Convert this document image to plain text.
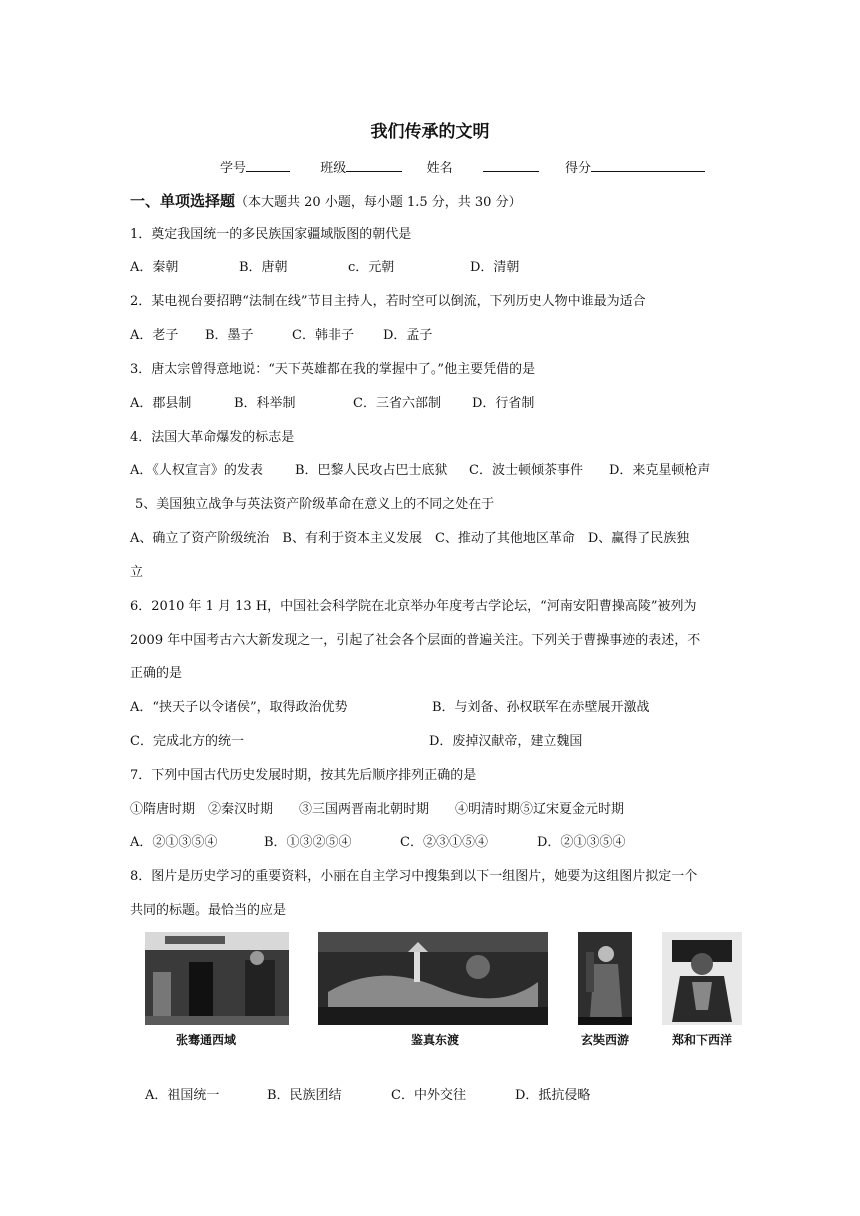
我们传承的文明
学号	班级	姓名	得分
一、单项选择题（本大题共 20 小题，每小题 1.5 分，共 30 分）
1．奠定我国统一的多民族国家疆域版图的朝代是
A．秦朝	B．唐朝	c．元朝	D．清朝
2．某电视台要招聘“法制在线”节目主持人，若时空可以倒流，下列历史人物中谁最为适合
A．老子 B．墨子	C．韩非子 D．孟子
3．唐太宗曾得意地说：“天下英雄都在我的掌握中了。”他主要凭借的是
A．郡县制	B．科举制	C．三省六部制 D．行省制
4．法国大革命爆发的标志是
A．《人权宣言》的发表 B．巴黎人民攻占巴士底狱 C．波士顿倾茶事件 D．来克星顿枪声
5、美国独立战争与英法资产阶级革命在意义上的不同之处在于
A、确立了资产阶级统治　B、有利于资本主义发展　C、推动了其他地区革命　D、赢得了民族独
立
6．2010 年 1 月 13 H，中国社会科学院在北京举办年度考古学论坛，“河南安阳曹操高陵”被列为
2009 年中国考古六大新发现之一，引起了社会各个层面的普遍关注。下列关于曹操事迹的表述，不
正确的是
A．“挟天子以令诸侯”，取得政治优势	B．与刘备、孙权联军在赤壁展开激战
C．完成北方的统一	D．废掉汉献帝，建立魏国
7．下列中国古代历史发展时期，按其先后顺序排列正确的是
①隋唐时期　②秦汉时期　　③三国两晋南北朝时期　　④明清时期⑤辽宋夏金元时期
A．②①③⑤④	B．①③②⑤④	C．②③①⑤④	D．②①③⑤④
8．图片是历史学习的重要资料，小丽在自主学习中搜集到以下一组图片，她要为这组图片拟定一个
共同的标题。最恰当的应是
张骞通西域	鉴真东渡	玄奘西游	郑和下西洋
A．祖国统一	B．民族团结	C．中外交往	D．抵抗侵略
